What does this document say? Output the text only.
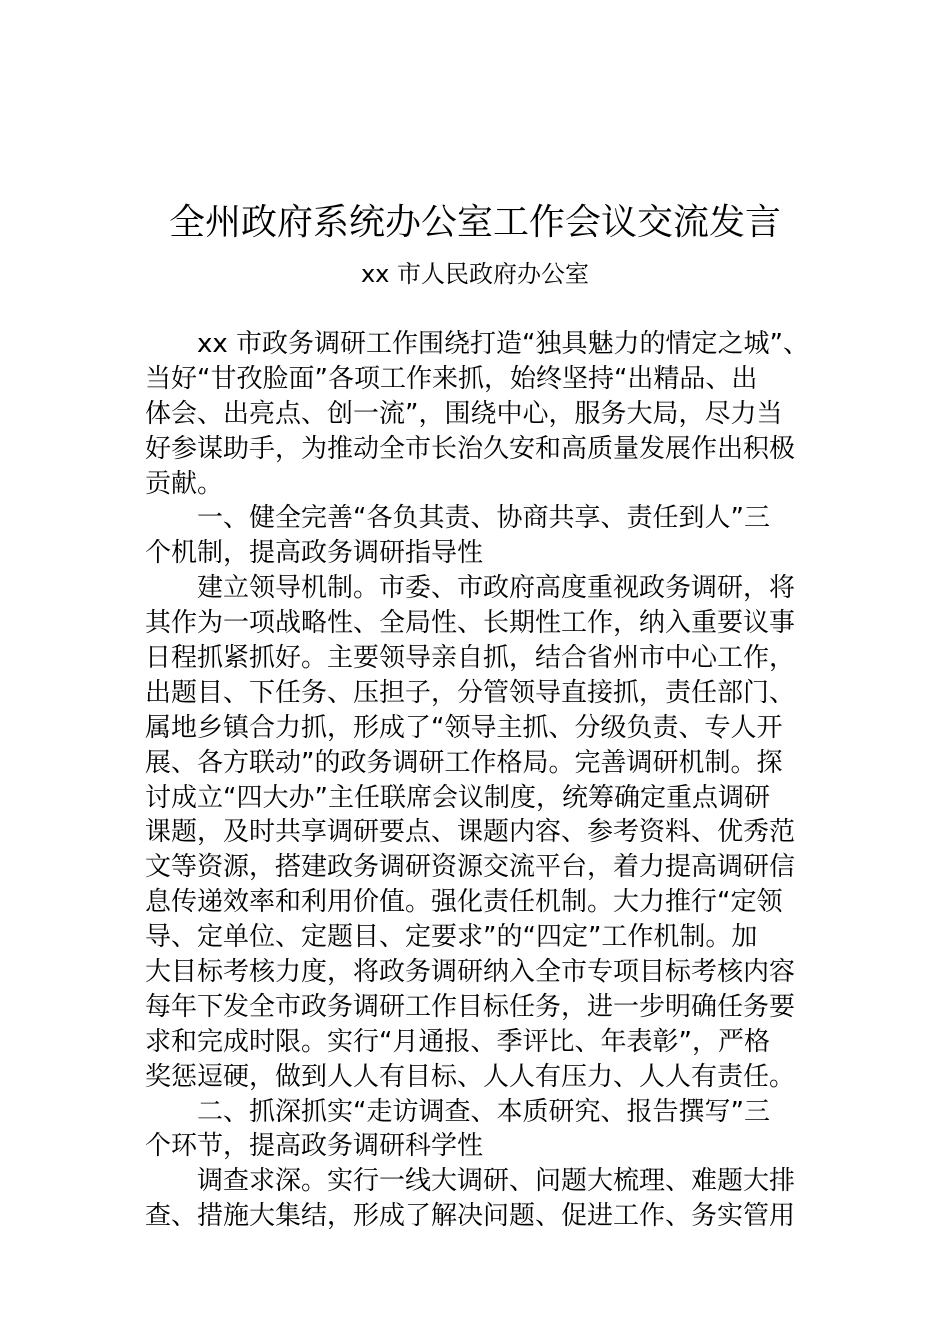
全州政府系统办公室工作会议交流发言
xx 市人民政府办公室
xx 市政务调研工作围绕打造“独具魅力的情定之城”、
当好“甘孜脸面”各项工作来抓，始终坚持“出精品、出
体会、出亮点、创一流”，围绕中心，服务大局，尽力当
好参谋助手，为推动全市长治久安和高质量发展作出积极
贡献。
一、健全完善“各负其责、协商共享、责任到人”三
个机制，提高政务调研指导性
建立领导机制。市委、市政府高度重视政务调研，将
其作为一项战略性、全局性、长期性工作，纳入重要议事
日程抓紧抓好。主要领导亲自抓，结合省州市中心工作，
出题目、下任务、压担子，分管领导直接抓，责任部门、
属地乡镇合力抓，形成了“领导主抓、分级负责、专人开
展、各方联动”的政务调研工作格局。完善调研机制。探
讨成立“四大办”主任联席会议制度，统筹确定重点调研
课题，及时共享调研要点、课题内容、参考资料、优秀范
文等资源，搭建政务调研资源交流平台，着力提高调研信
息传递效率和利用价值。强化责任机制。大力推行“定领
导、定单位、定题目、定要求”的“四定”工作机制。加
大目标考核力度，将政务调研纳入全市专项目标考核内容
每年下发全市政务调研工作目标任务，进一步明确任务要
求和完成时限。实行“月通报、季评比、年表彰”，严格
奖惩逗硬，做到人人有目标、人人有压力、人人有责任。
二、抓深抓实“走访调查、本质研究、报告撰写”三
个环节，提高政务调研科学性
调查求深。实行一线大调研、问题大梳理、难题大排
查、措施大集结，形成了解决问题、促进工作、务实管用
